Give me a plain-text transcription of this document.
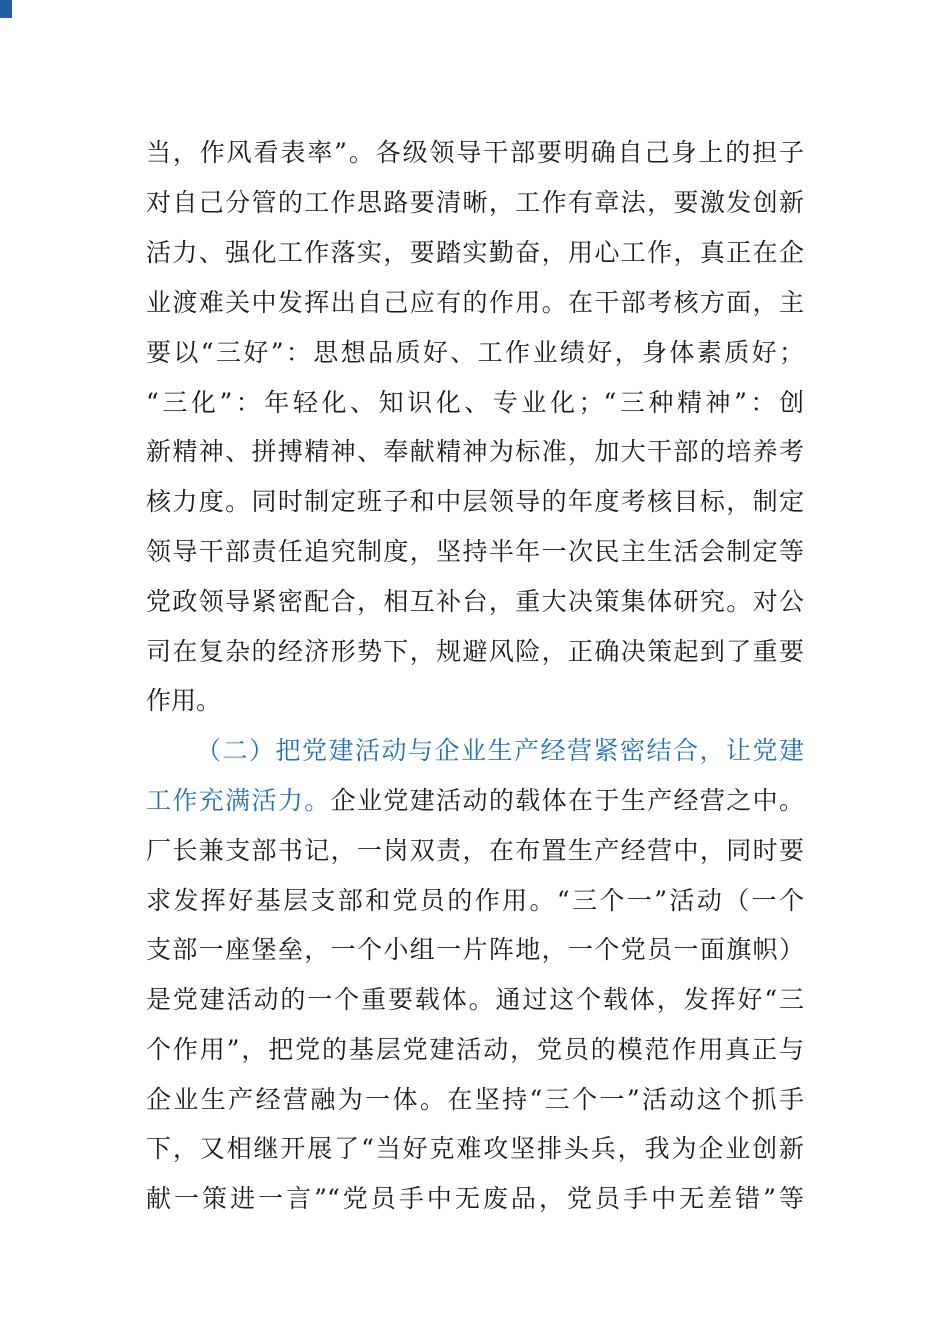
当，作风看表率”。各级领导干部要明确自己身上的担子
对自己分管的工作思路要清晰，工作有章法，要激发创新
活力、强化工作落实，要踏实勤奋，用心工作，真正在企
业渡难关中发挥出自己应有的作用。在干部考核方面，主
要以“三好”：思想品质好、工作业绩好，身体素质好；
“三化”：年轻化、知识化、专业化；“三种精神”：创
新精神、拼搏精神、奉献精神为标准，加大干部的培养考
核力度。同时制定班子和中层领导的年度考核目标，制定
领导干部责任追究制度，坚持半年一次民主生活会制定等
党政领导紧密配合，相互补台，重大决策集体研究。对公
司在复杂的经济形势下，规避风险，正确决策起到了重要
作用。
（二）把党建活动与企业生产经营紧密结合，让党建
工作充满活力。企业党建活动的载体在于生产经营之中。
厂长兼支部书记，一岗双责，在布置生产经营中，同时要
求发挥好基层支部和党员的作用。“三个一”活动（一个
支部一座堡垒，一个小组一片阵地，一个党员一面旗帜）
是党建活动的一个重要载体。通过这个载体，发挥好“三
个作用”，把党的基层党建活动，党员的模范作用真正与
企业生产经营融为一体。在坚持“三个一”活动这个抓手
下，又相继开展了“当好克难攻坚排头兵，我为企业创新
献一策进一言”“党员手中无废品，党员手中无差错”等
